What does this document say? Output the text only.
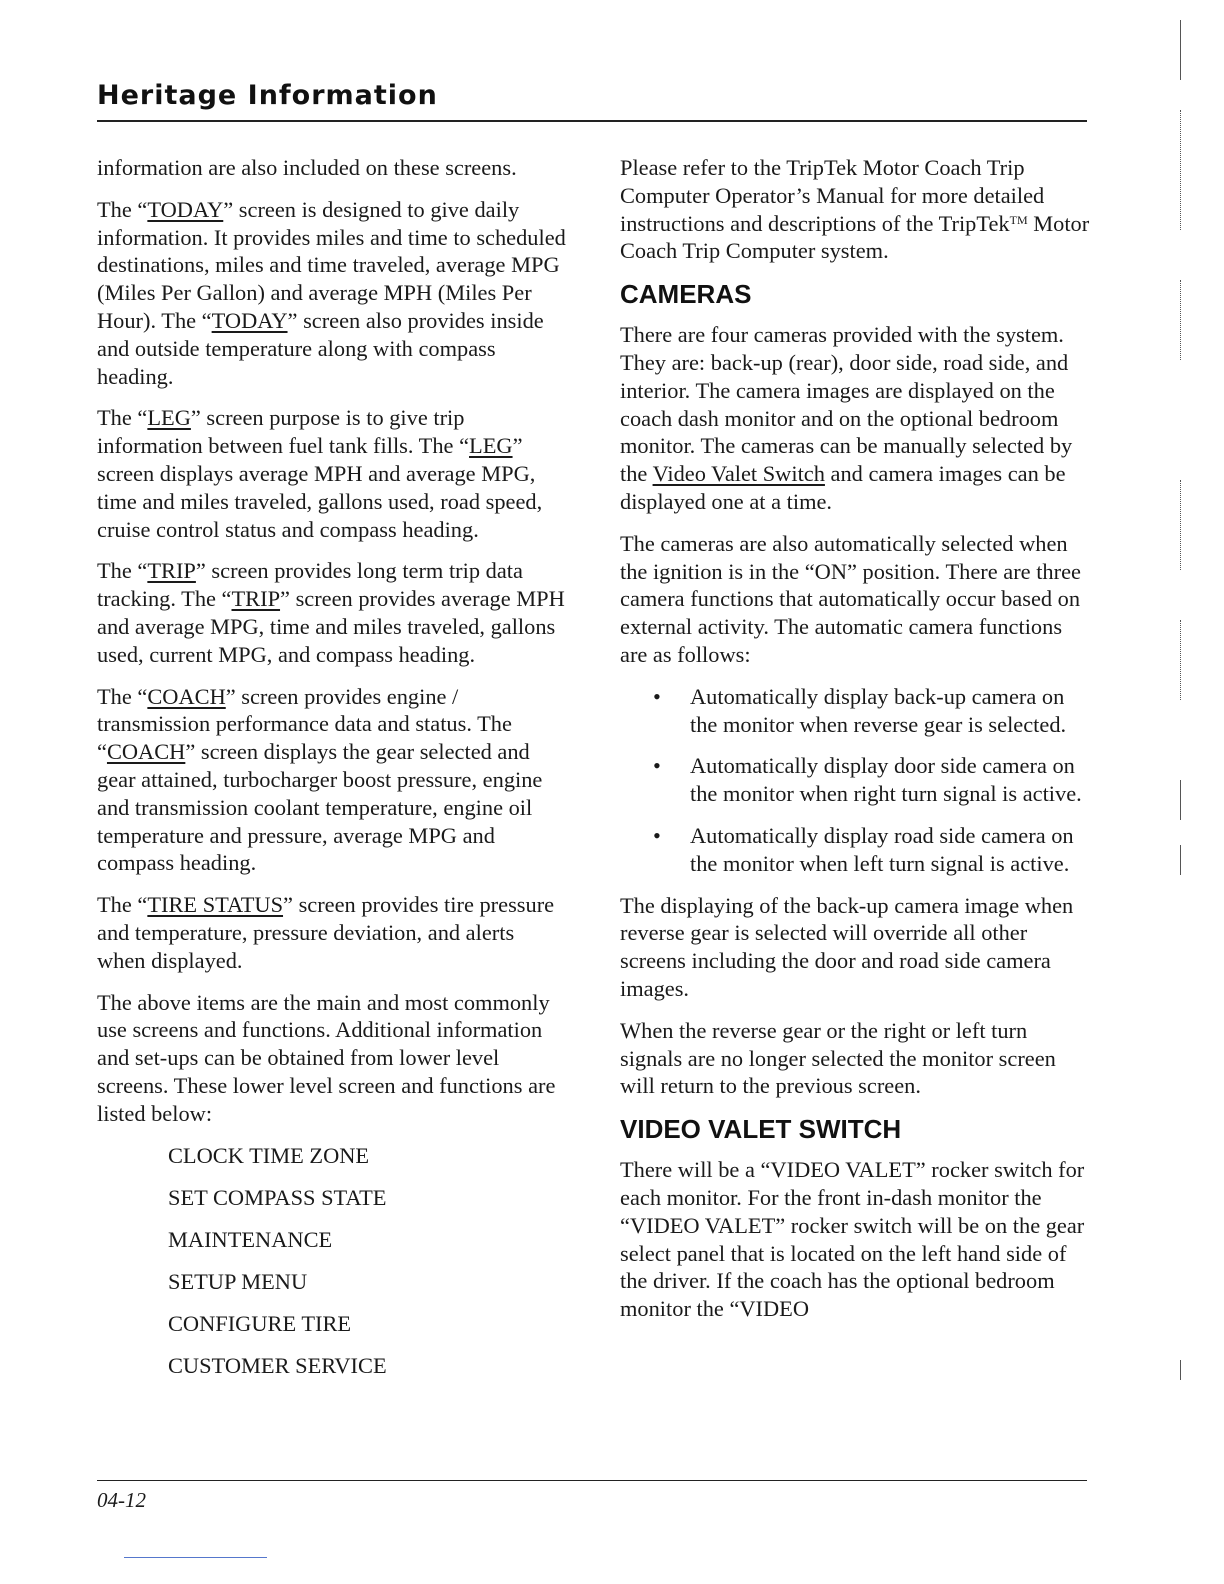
Heritage Information

information are also included on these screens.

The “TODAY” screen is designed to give daily information. It provides miles and time to scheduled destinations, miles and time traveled, average MPG (Miles Per Gallon) and average MPH (Miles Per Hour). The “TODAY” screen also provides inside and outside temperature along with compass heading.

The “LEG” screen purpose is to give trip information between fuel tank fills. The “LEG” screen displays average MPH and average MPG, time and miles traveled, gallons used, road speed, cruise control status and compass heading.

The “TRIP” screen provides long term trip data tracking. The “TRIP” screen provides average MPH and average MPG, time and miles traveled, gallons used, current MPG, and compass heading.

The “COACH” screen provides engine / transmission performance data and status. The “COACH” screen displays the gear selected and gear attained, turbocharger boost pressure, engine and transmission coolant temperature, engine oil temperature and pressure, average MPG and compass heading.

The “TIRE STATUS” screen provides tire pressure and temperature, pressure deviation, and alerts when displayed.

The above items are the main and most commonly use screens and functions. Additional information and set-ups can be obtained from lower level screens. These lower level screen and functions are listed below:

CLOCK TIME ZONE
SET COMPASS STATE
MAINTENANCE
SETUP MENU
CONFIGURE TIRE
CUSTOMER SERVICE

Please refer to the TripTek Motor Coach Trip Computer Operator’s Manual for more detailed instructions and descriptions of the TripTek™ Motor Coach Trip Computer system.

CAMERAS

There are four cameras provided with the system. They are: back-up (rear), door side, road side, and interior. The camera images are displayed on the coach dash monitor and on the optional bedroom monitor. The cameras can be manually selected by the Video Valet Switch and camera images can be displayed one at a time.

The cameras are also automatically selected when the ignition is in the “ON” position. There are three camera functions that automatically occur based on external activity. The automatic camera functions are as follows:

• Automatically display back-up camera on the monitor when reverse gear is selected.
• Automatically display door side camera on the monitor when right turn signal is active.
• Automatically display road side camera on the monitor when left turn signal is active.

The displaying of the back-up camera image when reverse gear is selected will override all other screens including the door and road side camera images.

When the reverse gear or the right or left turn signals are no longer selected the monitor screen will return to the previous screen.

VIDEO VALET SWITCH

There will be a “VIDEO VALET” rocker switch for each monitor. For the front in-dash monitor the “VIDEO VALET” rocker switch will be on the gear select panel that is located on the left hand side of the driver. If the coach has the optional bedroom monitor the “VIDEO

04-12
